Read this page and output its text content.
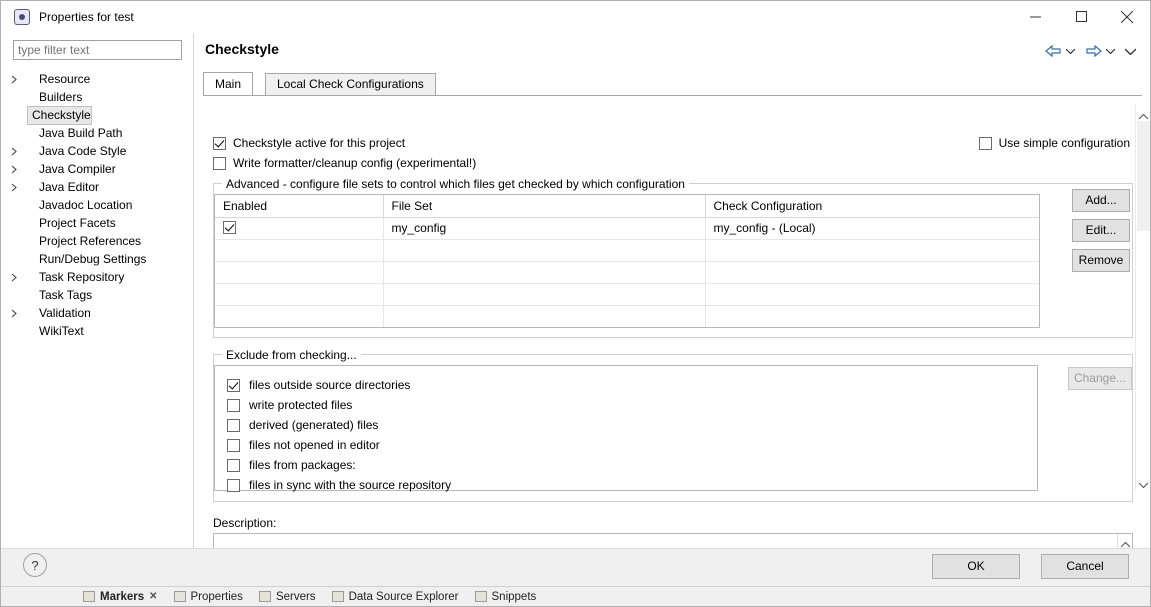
Properties for test
type filter text
Resource
Builders
Checkstyle
Java Build Path
Java Code Style
Java Compiler
Java Editor
Javadoc Location
Project Facets
Project References
Run/Debug Settings
Task Repository
Task Tags
Validation
WikiText
Checkstyle
Main	Local Check Configurations
Checkstyle active for this project
Write formatter/cleanup config (experimental!)
Use simple configuration
Advanced - configure file sets to control which files get checked by which configuration
Enabled	File Set	Check Configuration
	my_config	my_config - (Local)

Add...
Edit...
Remove
Exclude from checking...
files outside source directories
write protected files
derived (generated) files
files not opened in editor
files from packages:
files in sync with the source repository
Change...
Description:
?	OK	Cancel
Markers ✕	Properties	Servers	Data Source Explorer	Snippets
